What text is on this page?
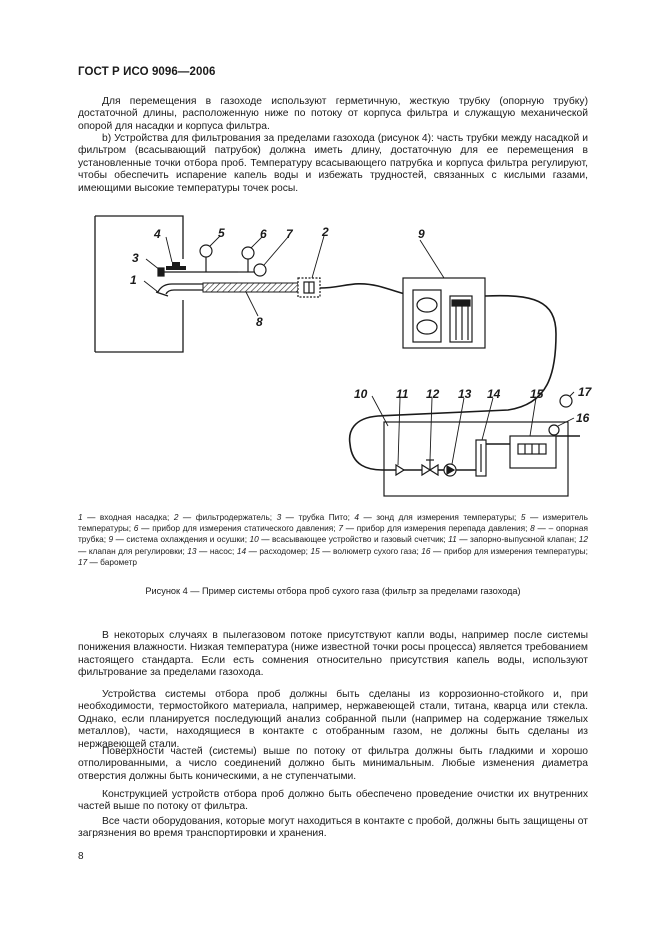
ГОСТ Р ИСО 9096—2006

Для перемещения в газоходе используют герметичную, жесткую трубку (опорную трубку) достаточной длины, расположенную ниже по потоку от корпуса фильтра и служащую механической опорой для насадки и корпуса фильтра.

b) Устройства для фильтрования за пределами газохода (рисунок 4): часть трубки между насадкой и фильтром (всасывающий патрубок) должна иметь длину, достаточную для ее перемещения в установленные точки отбора проб. Температуру всасывающего патрубка и корпуса фильтра регулируют, чтобы обеспечить испарение капель воды и избежать трудностей, связанных с кислыми газами, имеющими высокие температуры точек росы.

1
2
3
4	5	6 7
8
9
10 11 12 13 14 15	17
16

1 — входная насадка; 2 — фильтродержатель; 3 — трубка Пито; 4 — зонд для измерения температуры; 5 — измеритель температуры; 6 — прибор для измерения статического давления; 7 — прибор для измерения перепада давления; 8 — – опорная трубка; 9 — система охлаждения и осушки; 10 — всасывающее устройство и газовый счетчик; 11 — запорно-выпускной клапан; 12 — клапан для регулировки; 13 — насос; 14 — расходомер; 15 — волюметр сухого газа; 16 — прибор для измерения температуры; 17 — барометр

Рисунок 4 — Пример системы отбора проб сухого газа (фильтр за пределами газохода)

В некоторых случаях в пылегазовом потоке присутствуют капли воды, например после системы понижения влажности. Низкая температура (ниже известной точки росы процесса) является требованием настоящего стандарта. Если есть сомнения относительно присутствия капель воды, используют фильтрование за пределами газохода.

Устройства системы отбора проб должны быть сделаны из коррозионно-стойкого и, при необходимости, термостойкого материала, например, нержавеющей стали, титана, кварца или стекла. Однако, если планируется последующий анализ собранной пыли (например на содержание тяжелых металлов), части, находящиеся в контакте с отобранным газом, не должны быть сделаны из нержавеющей стали.

Поверхности частей (системы) выше по потоку от фильтра должны быть гладкими и хорошо отполированными, а число соединений должно быть минимальным. Любые изменения диаметра отверстия должны быть коническими, а не ступенчатыми.

Конструкцией устройств отбора проб должно быть обеспечено проведение очистки их внутренних частей выше по потоку от фильтра.

Все части оборудования, которые могут находиться в контакте с пробой, должны быть защищены от загрязнения во время транспортировки и хранения.

8
